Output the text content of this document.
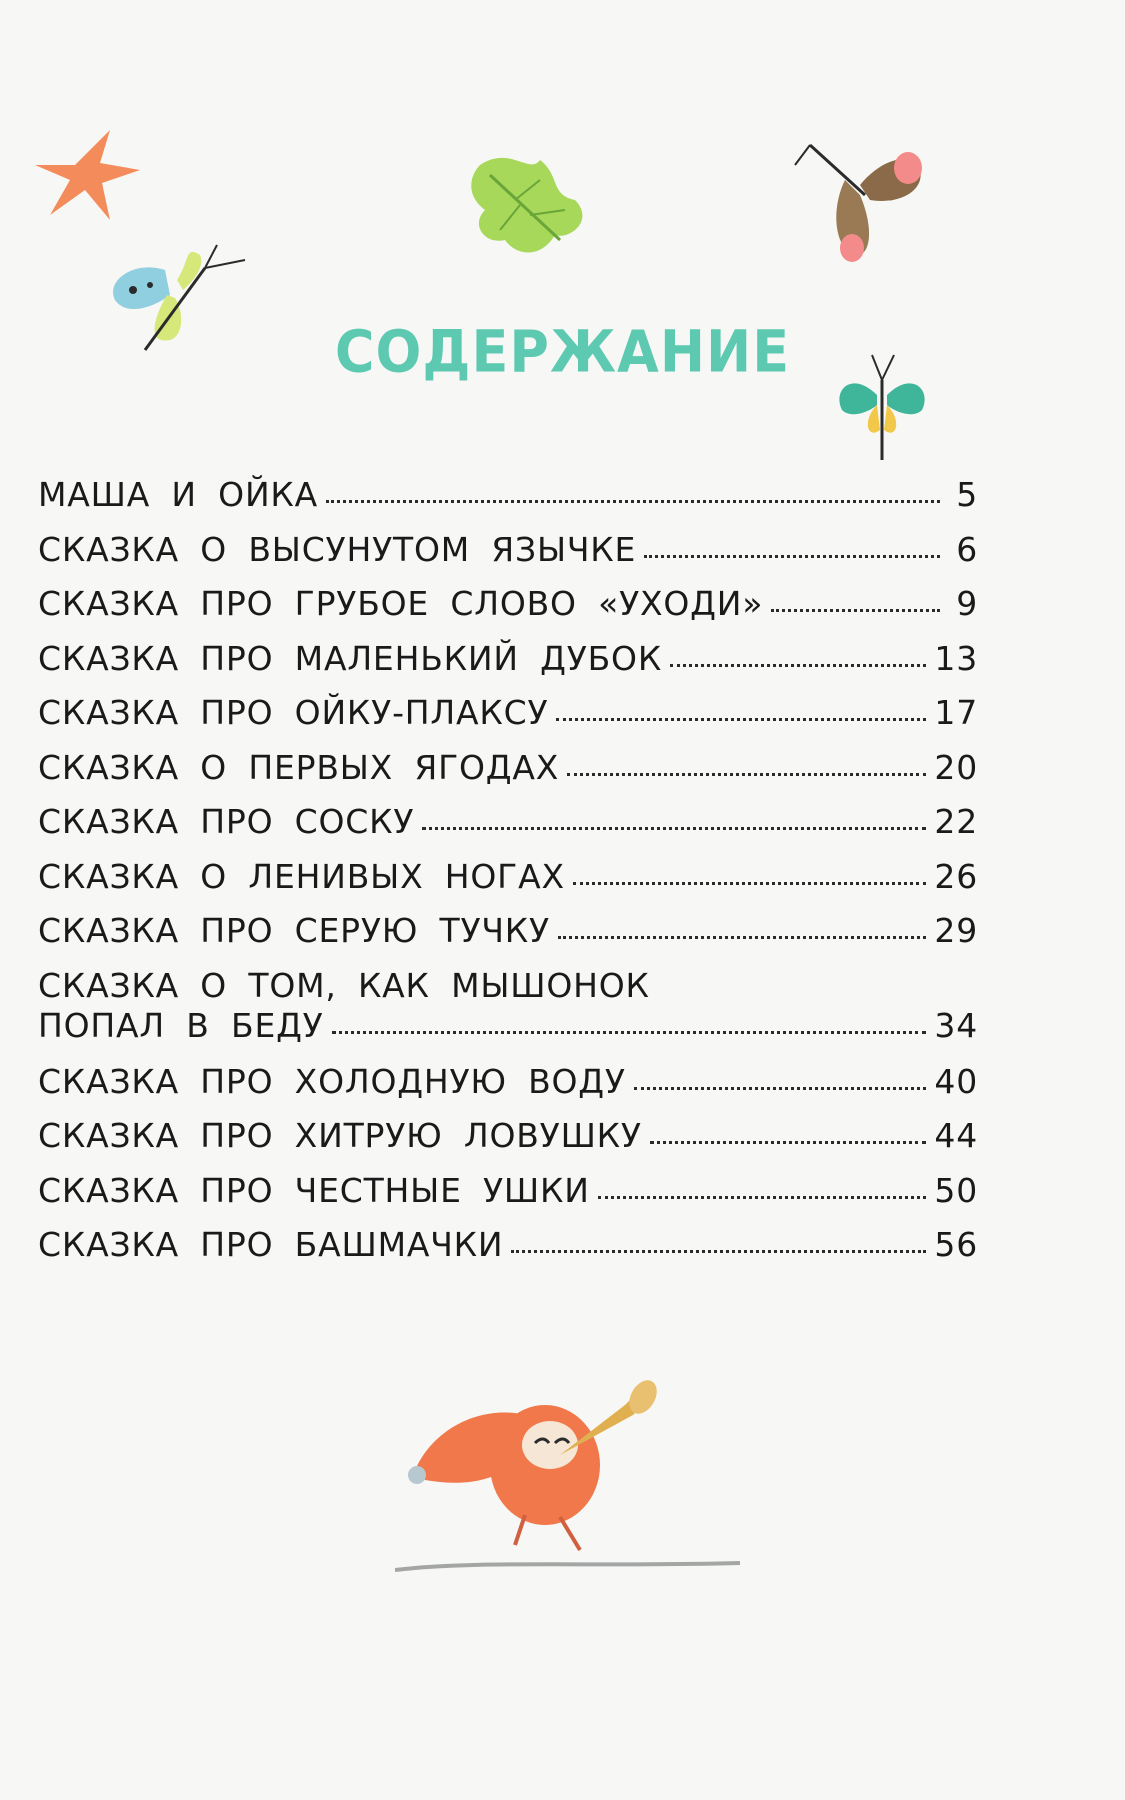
СОДЕРЖАНИЕ
МАША И ОЙКА	5
СКАЗКА О ВЫСУНУТОМ ЯЗЫЧКЕ	6
СКАЗКА ПРО ГРУБОЕ СЛОВО «УХОДИ»	9
СКАЗКА ПРО МАЛЕНЬКИЙ ДУБОК	13
СКАЗКА ПРО ОЙКУ-ПЛАКСУ	17
СКАЗКА О ПЕРВЫХ ЯГОДАХ	20
СКАЗКА ПРО СОСКУ	22
СКАЗКА О ЛЕНИВЫХ НОГАХ	26
СКАЗКА ПРО СЕРУЮ ТУЧКУ	29
СКАЗКА О ТОМ, КАК МЫШОНОК
ПОПАЛ В БЕДУ	34
СКАЗКА ПРО ХОЛОДНУЮ ВОДУ	40
СКАЗКА ПРО ХИТРУЮ ЛОВУШКУ	44
СКАЗКА ПРО ЧЕСТНЫЕ УШКИ	50
СКАЗКА ПРО БАШМАЧКИ	56
